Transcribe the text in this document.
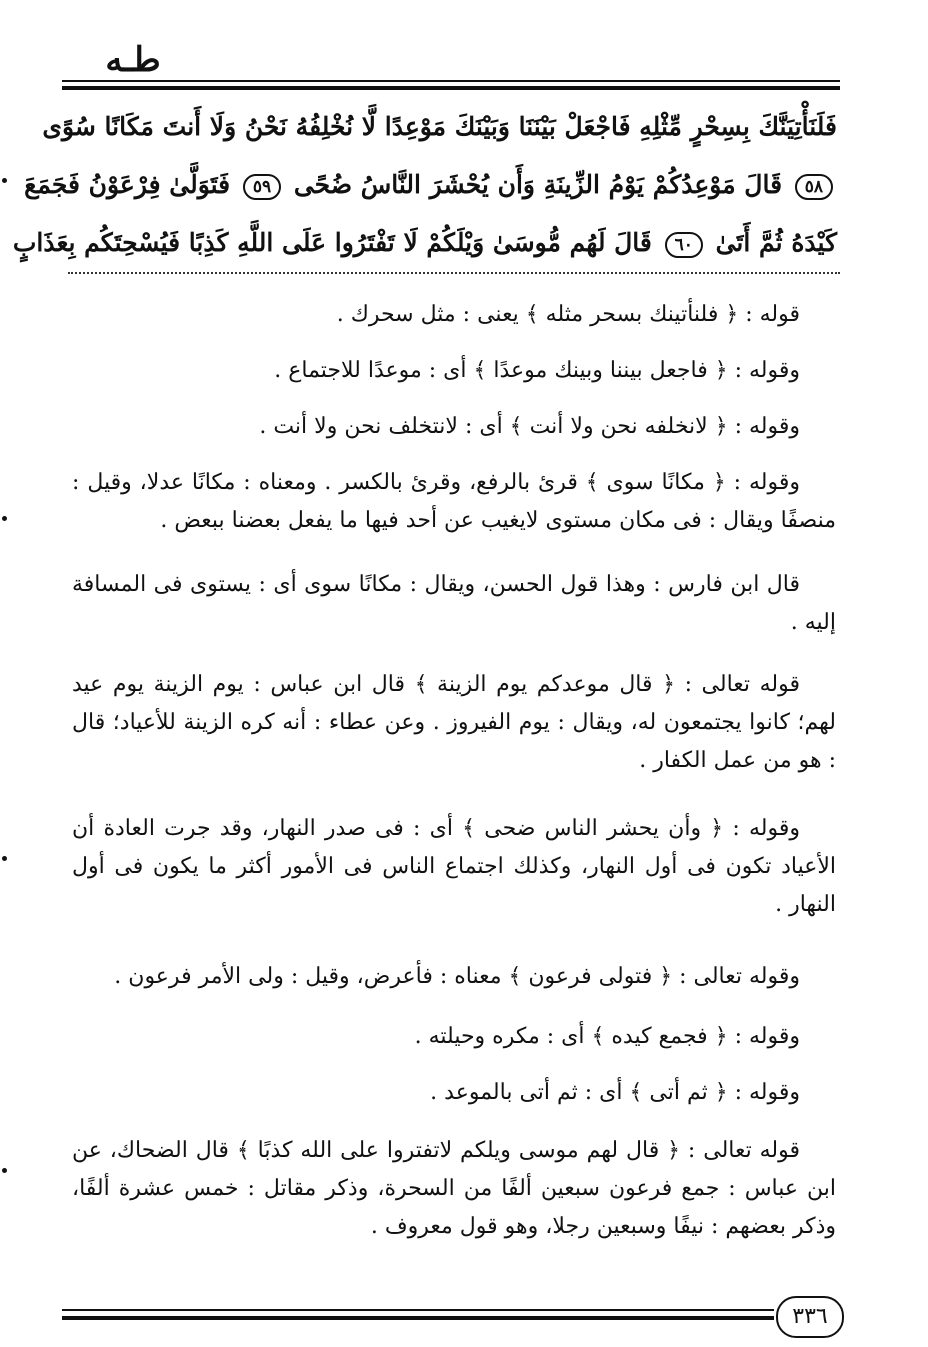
طـه
فَلَنَأْتِيَنَّكَ بِسِحْرٍ مِّثْلِهِ فَاجْعَلْ بَيْنَنَا وَبَيْنَكَ مَوْعِدًا لَّا نُخْلِفُهُ نَحْنُ وَلَا أَنتَ مَكَانًا سُوًى
٥٨ قَالَ مَوْعِدُكُمْ يَوْمُ الزِّينَةِ وَأَن يُحْشَرَ النَّاسُ ضُحًى ٥٩ فَتَوَلَّىٰ فِرْعَوْنُ فَجَمَعَ
كَيْدَهُ ثُمَّ أَتَىٰ ٦٠ قَالَ لَهُم مُّوسَىٰ وَيْلَكُمْ لَا تَفْتَرُوا عَلَى اللَّهِ كَذِبًا فَيُسْحِتَكُم بِعَذَابٍ

قوله : ﴿ فلنأتينك بسحر مثله ﴾ يعنى : مثل سحرك .

وقوله : ﴿ فاجعل بيننا وبينك موعدًا ﴾ أى : موعدًا للاجتماع .

وقوله : ﴿ لانخلفه نحن ولا أنت ﴾ أى : لانتخلف نحن ولا أنت .

وقوله : ﴿ مكانًا سوى ﴾ قرئ بالرفع، وقرئ بالكسر . ومعناه : مكانًا عدلا، وقيل : منصفًا ويقال : فى مكان مستوى لايغيب عن أحد فيها ما يفعل بعضنا ببعض .

قال ابن فارس : وهذا قول الحسن، ويقال : مكانًا سوى أى : يستوى فى المسافة إليه .

قوله تعالى : ﴿ قال موعدكم يوم الزينة ﴾ قال ابن عباس : يوم الزينة يوم عيد لهم؛ كانوا يجتمعون له، ويقال : يوم الفيروز . وعن عطاء : أنه كره الزينة للأعياد؛ قال : هو من عمل الكفار .

وقوله : ﴿ وأن يحشر الناس ضحى ﴾ أى : فى صدر النهار، وقد جرت العادة أن الأعياد تكون فى أول النهار، وكذلك اجتماع الناس فى الأمور أكثر ما يكون فى أول النهار .

وقوله تعالى : ﴿ فتولى فرعون ﴾ معناه : فأعرض، وقيل : ولى الأمر فرعون .

وقوله : ﴿ فجمع كيده ﴾ أى : مكره وحيلته .

وقوله : ﴿ ثم أتى ﴾ أى : ثم أتى بالموعد .

قوله تعالى : ﴿ قال لهم موسى ويلكم لاتفتروا على الله كذبًا ﴾ قال الضحاك، عن ابن عباس : جمع فرعون سبعين ألفًا من السحرة، وذكر مقاتل : خمس عشرة ألفًا، وذكر بعضهم : نيفًا وسبعين رجلا، وهو قول معروف .

٣٣٦
